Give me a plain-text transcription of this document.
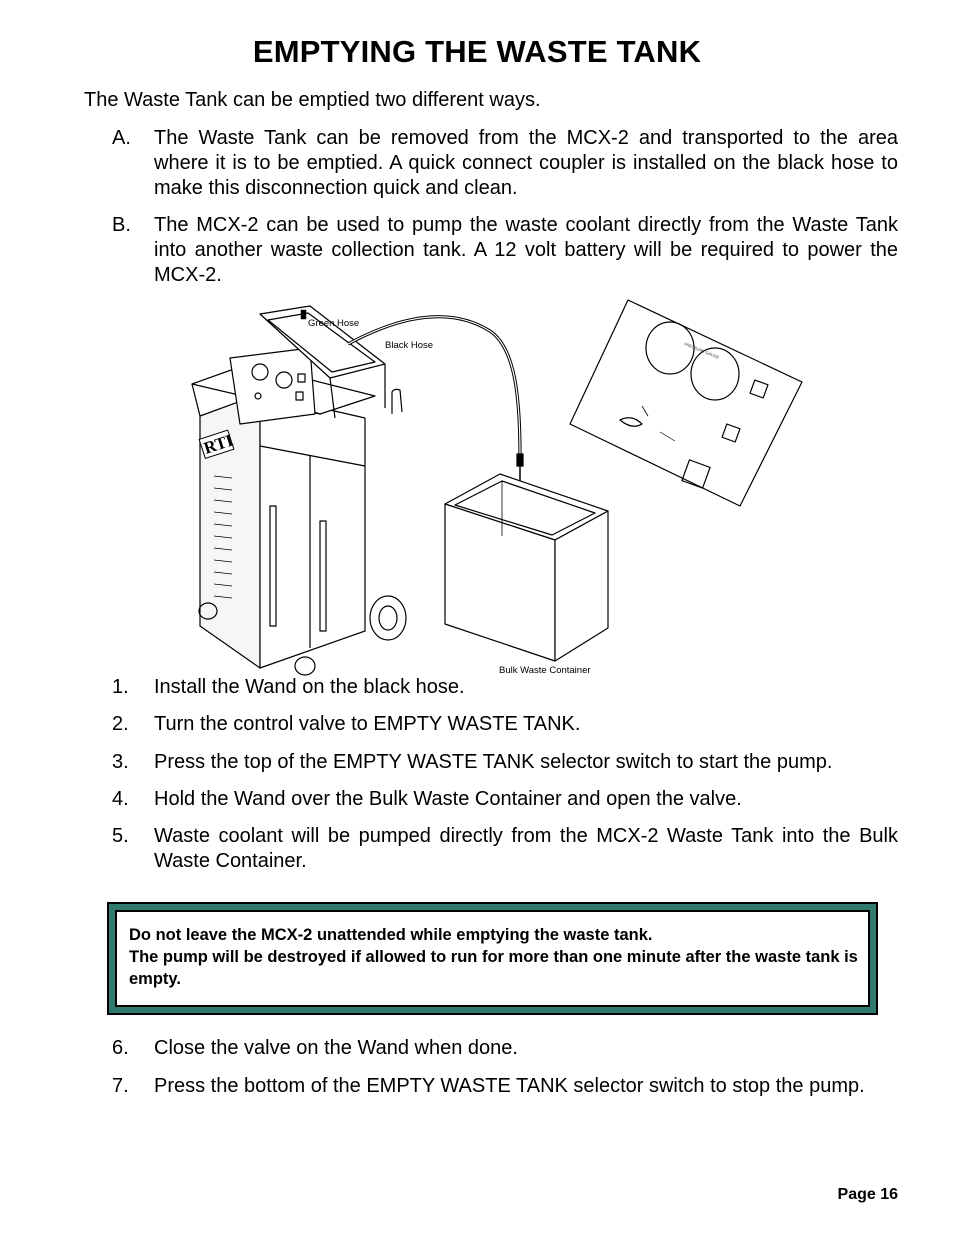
EMPTYING THE WASTE TANK
The Waste Tank can be emptied two different ways.
A.	The Waste Tank can be removed from the MCX-2 and transported to the area where it is to be emptied. A quick connect coupler is installed on the black hose to make this disconnection quick and clean.
B.	The MCX-2 can be used to pump the waste coolant directly from the Waste Tank into another waste collection tank. A 12 volt battery will be required to power the MCX-2.
PRESSURE GAUGE
RTI
Green Hose
Black Hose
Bulk Waste Container
1.	Install the Wand on the black hose.
2.	Turn the control valve to EMPTY WASTE TANK.
3.	Press the top of the EMPTY WASTE TANK selector switch to start the pump.
4.	Hold the Wand over the Bulk Waste Container and open the valve.
5.	Waste coolant will be pumped directly from the MCX-2 Waste Tank into the Bulk Waste Container.
Do not leave the MCX-2 unattended while emptying the waste tank.
The pump will be destroyed if allowed to run for more than one minute after the waste tank is empty.
6.	Close the valve on the Wand when done.
7.	Press the bottom of the EMPTY WASTE TANK selector switch to stop the pump.
Page 16
